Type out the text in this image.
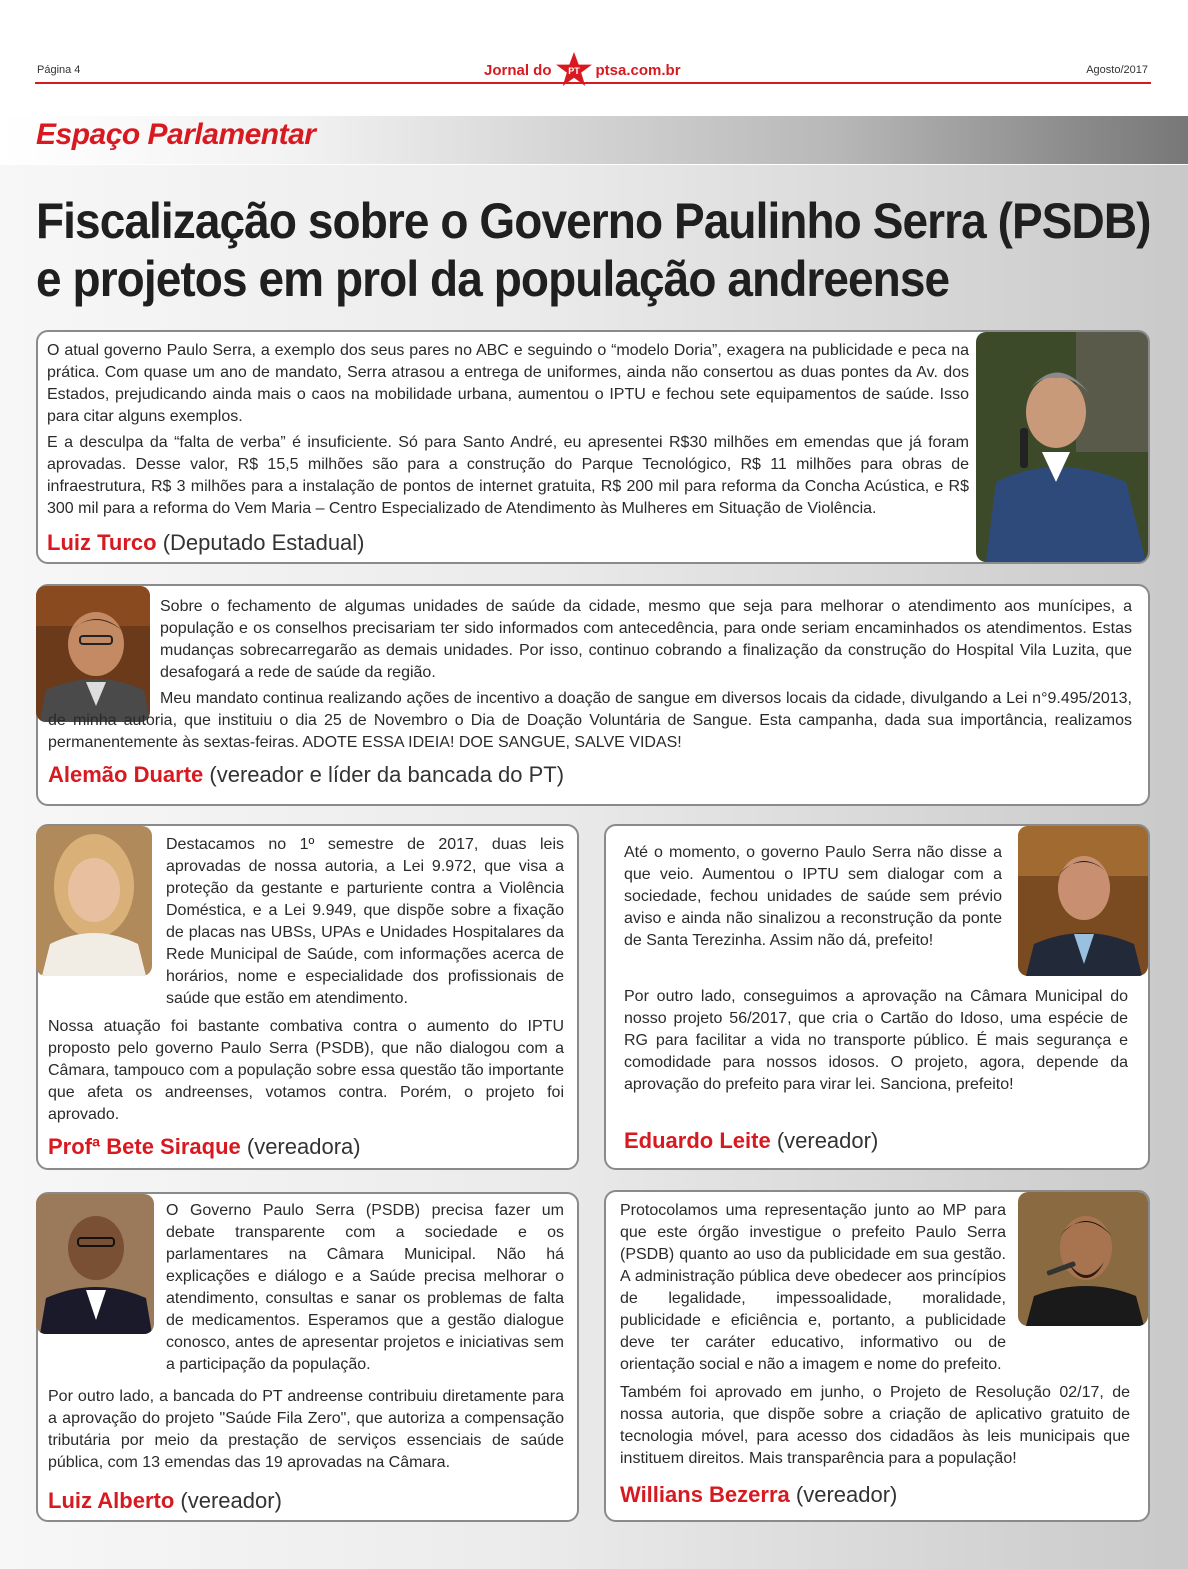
Página 4	Jornal do PT ptsa.com.br	Agosto/2017
Espaço Parlamentar
Fiscalização sobre o Governo Paulinho Serra (PSDB)
e projetos em prol da população andreense

O atual governo Paulo Serra, a exemplo dos seus pares no ABC e seguindo o “modelo Doria”, exagera na publicidade e peca na prática. Com quase um ano de mandato, Serra atrasou a entrega de uniformes, ainda não consertou as duas pontes da Av. dos Estados, prejudicando ainda mais o caos na mobilidade urbana, aumentou o IPTU e fechou sete equipamentos de saúde. Isso para citar alguns exemplos.

E a desculpa da “falta de verba” é insuficiente. Só para Santo André, eu apresentei R$30 milhões em emendas que já foram aprovadas. Desse valor, R$ 15,5 milhões são para a construção do Parque Tecnológico, R$ 11 milhões para obras de infraestrutura, R$ 3 milhões para a instalação de pontos de internet gratuita, R$ 200 mil para reforma da Concha Acústica, e R$ 300 mil para a reforma do Vem Maria – Centro Especializado de Atendimento às Mulheres em Situação de Violência.

Luiz Turco (Deputado Estadual)

Sobre o fechamento de algumas unidades de saúde da cidade, mesmo que seja para melhorar o atendimento aos munícipes, a população e os conselhos precisariam ter sido informados com antecedência, para onde seriam encaminhados os atendimentos. Estas mudanças sobrecarregarão as demais unidades. Por isso, continuo cobrando a finalização da construção do Hospital Vila Luzita, que desafogará a rede de saúde da região.

Meu mandato continua realizando ações de incentivo a doação de sangue em diversos locais da cidade, divulgando a Lei n°9.495/2013, de minha autoria, que instituiu o dia 25 de Novembro o Dia de Doação Voluntária de Sangue. Esta campanha, dada sua importância, realizamos permanentemente às sextas-feiras. ADOTE ESSA IDEIA! DOE SANGUE, SALVE VIDAS!

Alemão Duarte (vereador e líder da bancada do PT)

Destacamos no 1º semestre de 2017, duas leis aprovadas de nossa autoria, a Lei 9.972, que visa a proteção da gestante e parturiente contra a Violência Doméstica, e a Lei 9.949, que dispõe sobre a fixação de placas nas UBSs, UPAs e Unidades Hospitalares da Rede Municipal de Saúde, com informações acerca de horários, nome e especialidade dos profissionais de saúde que estão em atendimento.

Nossa atuação foi bastante combativa contra o aumento do IPTU proposto pelo governo Paulo Serra (PSDB), que não dialogou com a Câmara, tampouco com a população sobre essa questão tão importante que afeta os andreenses, votamos contra. Porém, o projeto foi aprovado.

Profª Bete Siraque (vereadora)

Até o momento, o governo Paulo Serra não disse a que veio. Aumentou o IPTU sem dialogar com a sociedade, fechou unidades de saúde sem prévio aviso e ainda não sinalizou a reconstrução da ponte de Santa Terezinha. Assim não dá, prefeito!

Por outro lado, conseguimos a aprovação na Câmara Municipal do nosso projeto 56/2017, que cria o Cartão do Idoso, uma espécie de RG para facilitar a vida no transporte público. É mais segurança e comodidade para nossos idosos. O projeto, agora, depende da aprovação do prefeito para virar lei. Sanciona, prefeito!

Eduardo Leite (vereador)

O Governo Paulo Serra (PSDB) precisa fazer um debate transparente com a sociedade e os parlamentares na Câmara Municipal. Não há explicações e diálogo e a Saúde precisa melhorar o atendimento, consultas e sanar os problemas de falta de medicamentos. Esperamos que a gestão dialogue conosco, antes de apresentar projetos e iniciativas sem a participação da população.

Por outro lado, a bancada do PT andreense contribuiu diretamente para a aprovação do projeto "Saúde Fila Zero", que autoriza a compensação tributária por meio da prestação de serviços essenciais de saúde pública, com 13 emendas das 19 aprovadas na Câmara.

Luiz Alberto (vereador)

Protocolamos uma representação junto ao MP para que este órgão investigue o prefeito Paulo Serra (PSDB) quanto ao uso da publicidade em sua gestão. A administração pública deve obedecer aos princípios de legalidade, impessoalidade, moralidade, publicidade e eficiência e, portanto, a publicidade deve ter caráter educativo, informativo ou de orientação social e não a imagem e nome do prefeito.

Também foi aprovado em junho, o Projeto de Resolução 02/17, de nossa autoria, que dispõe sobre a criação de aplicativo gratuito de tecnologia móvel, para acesso dos cidadãos às leis municipais que instituem direitos. Mais transparência para a população!

Willians Bezerra (vereador)
